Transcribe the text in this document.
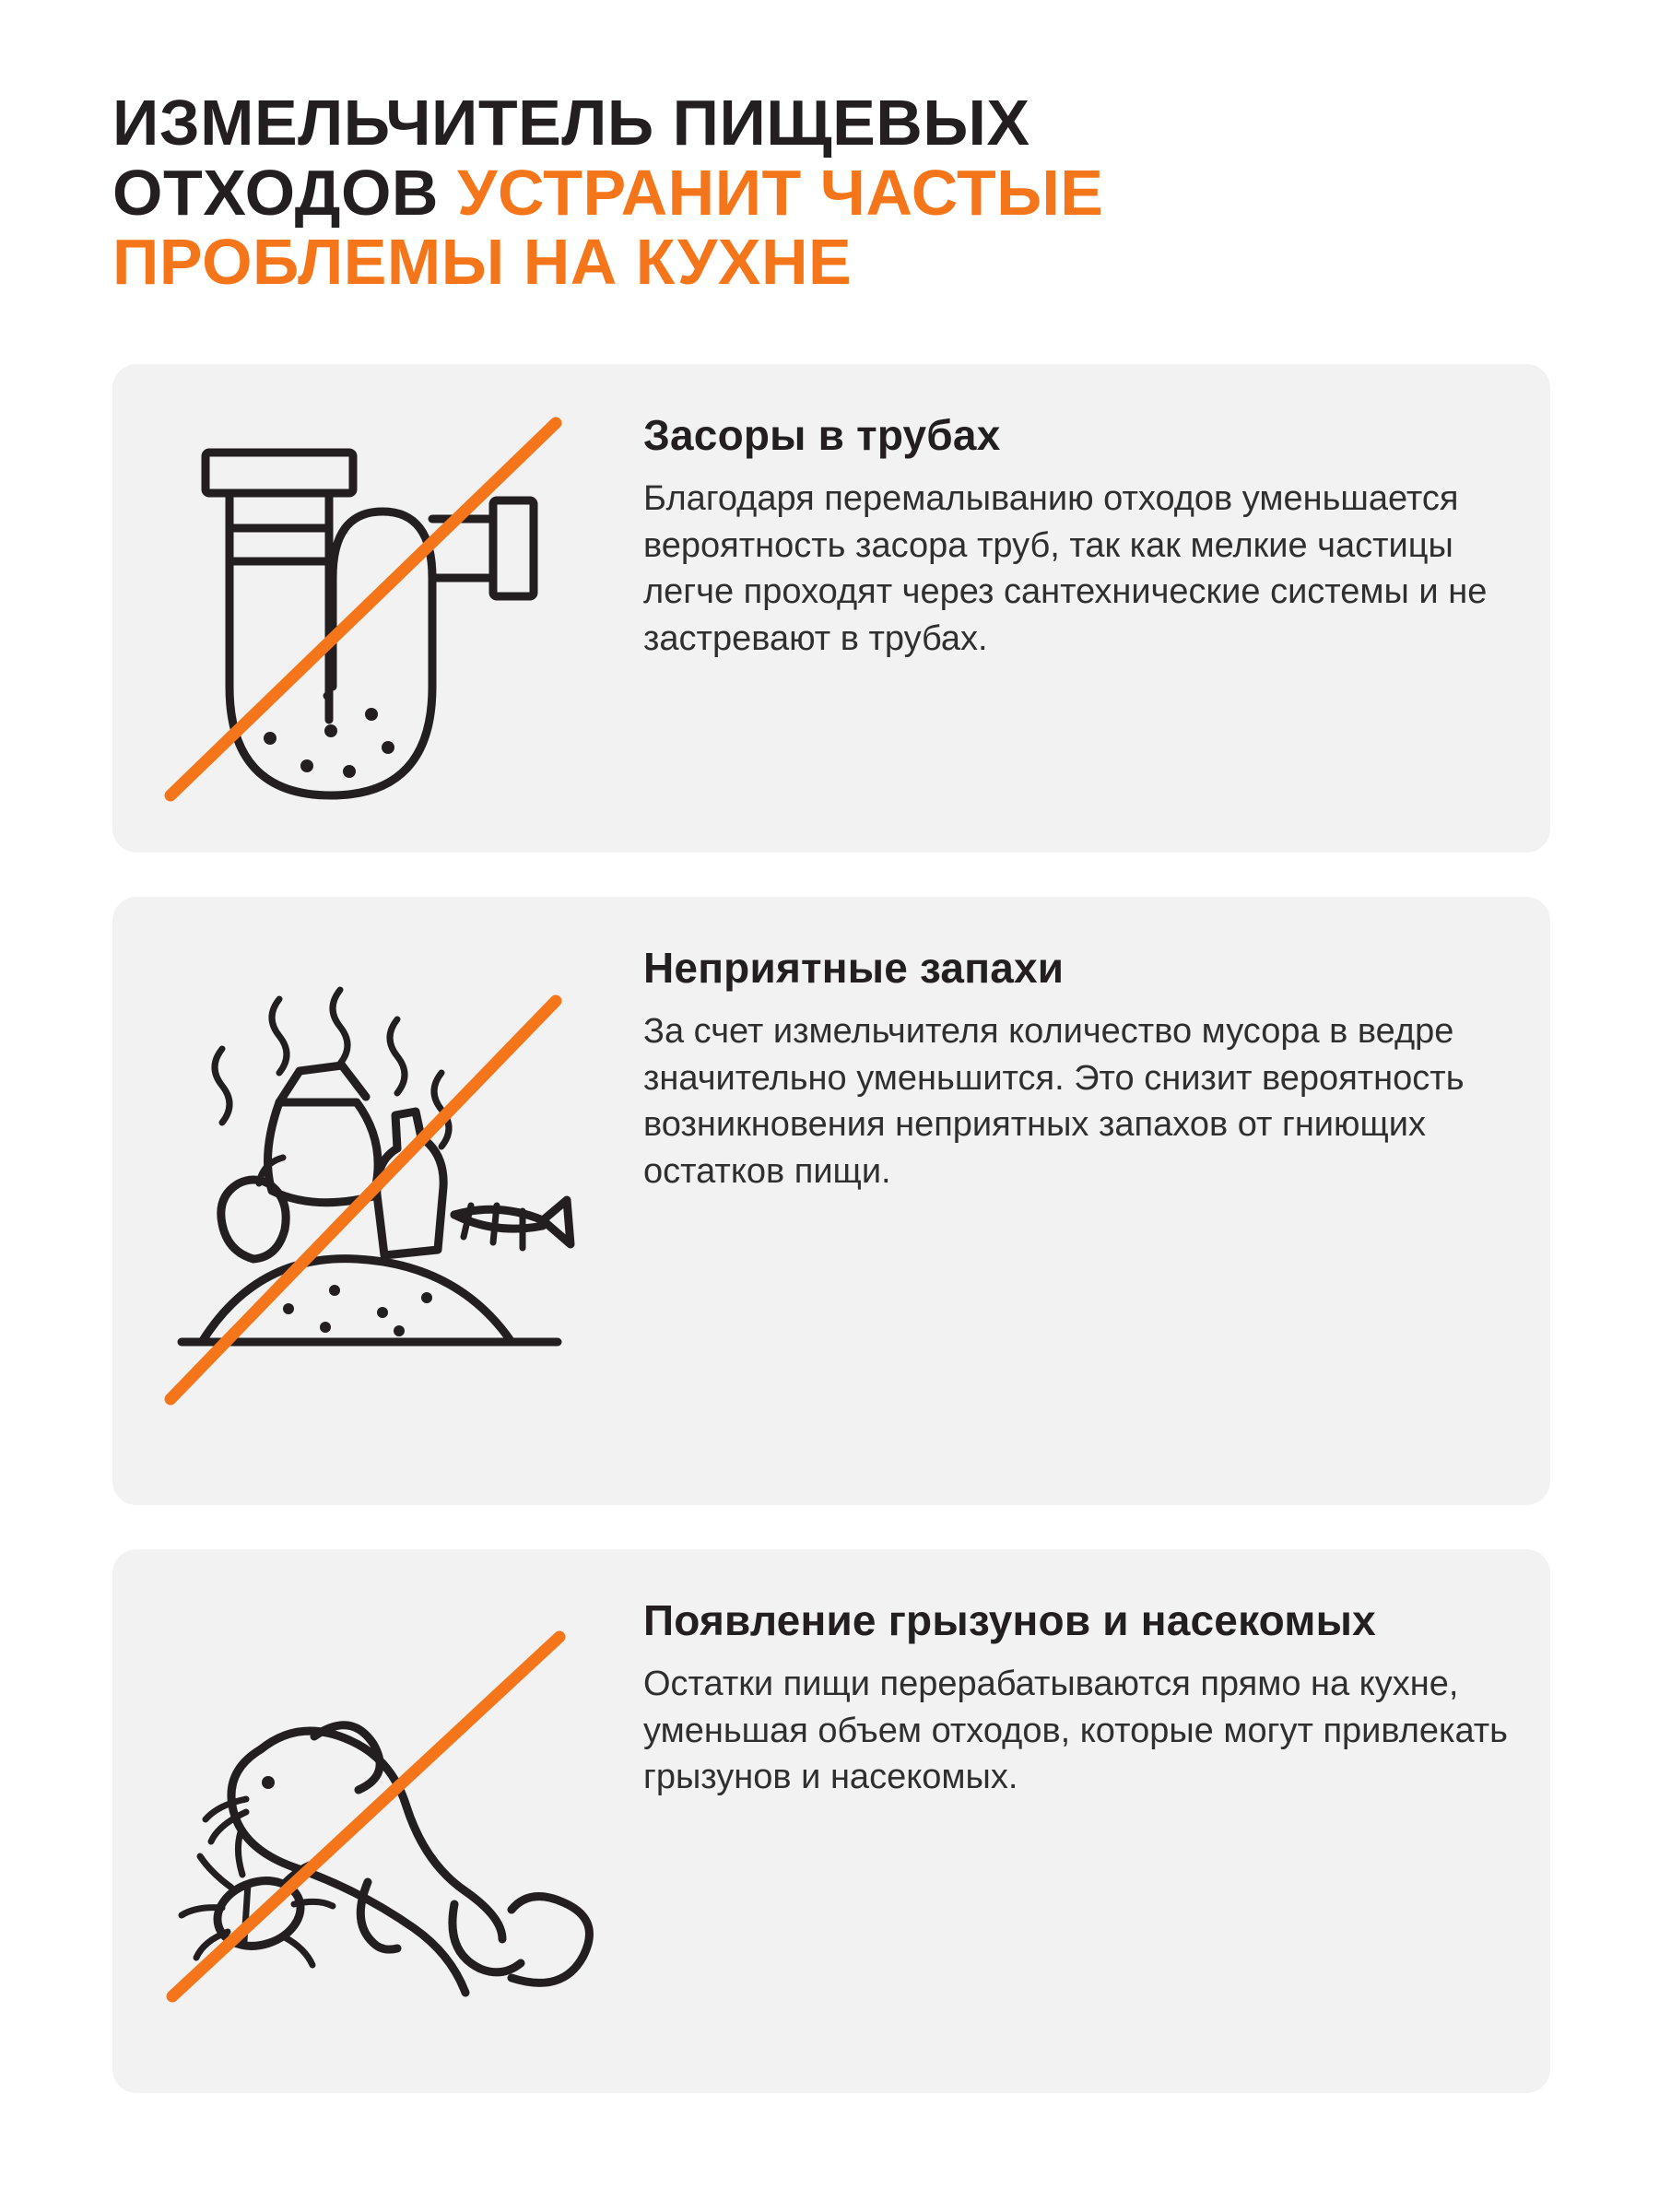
ИЗМЕЛЬЧИТЕЛЬ ПИЩЕВЫХ
ОТХОДОВ УСТРАНИТ ЧАСТЫЕ
ПРОБЛЕМЫ НА КУХНЕ
Засоры в трубах

Благодаря перемалыванию отходов уменьшается вероятность засора труб, так как мелкие частицы легче проходят через сантехнические системы и не застревают в трубах.

Неприятные запахи

За счет измельчителя количество мусора в ведре значительно уменьшится. Это снизит вероятность возникновения неприятных запахов от гниющих остатков пищи.

Появление грызунов и насекомых

Остатки пищи перерабатываются прямо на кухне, уменьшая объем отходов, которые могут привлекать грызунов и насекомых.
